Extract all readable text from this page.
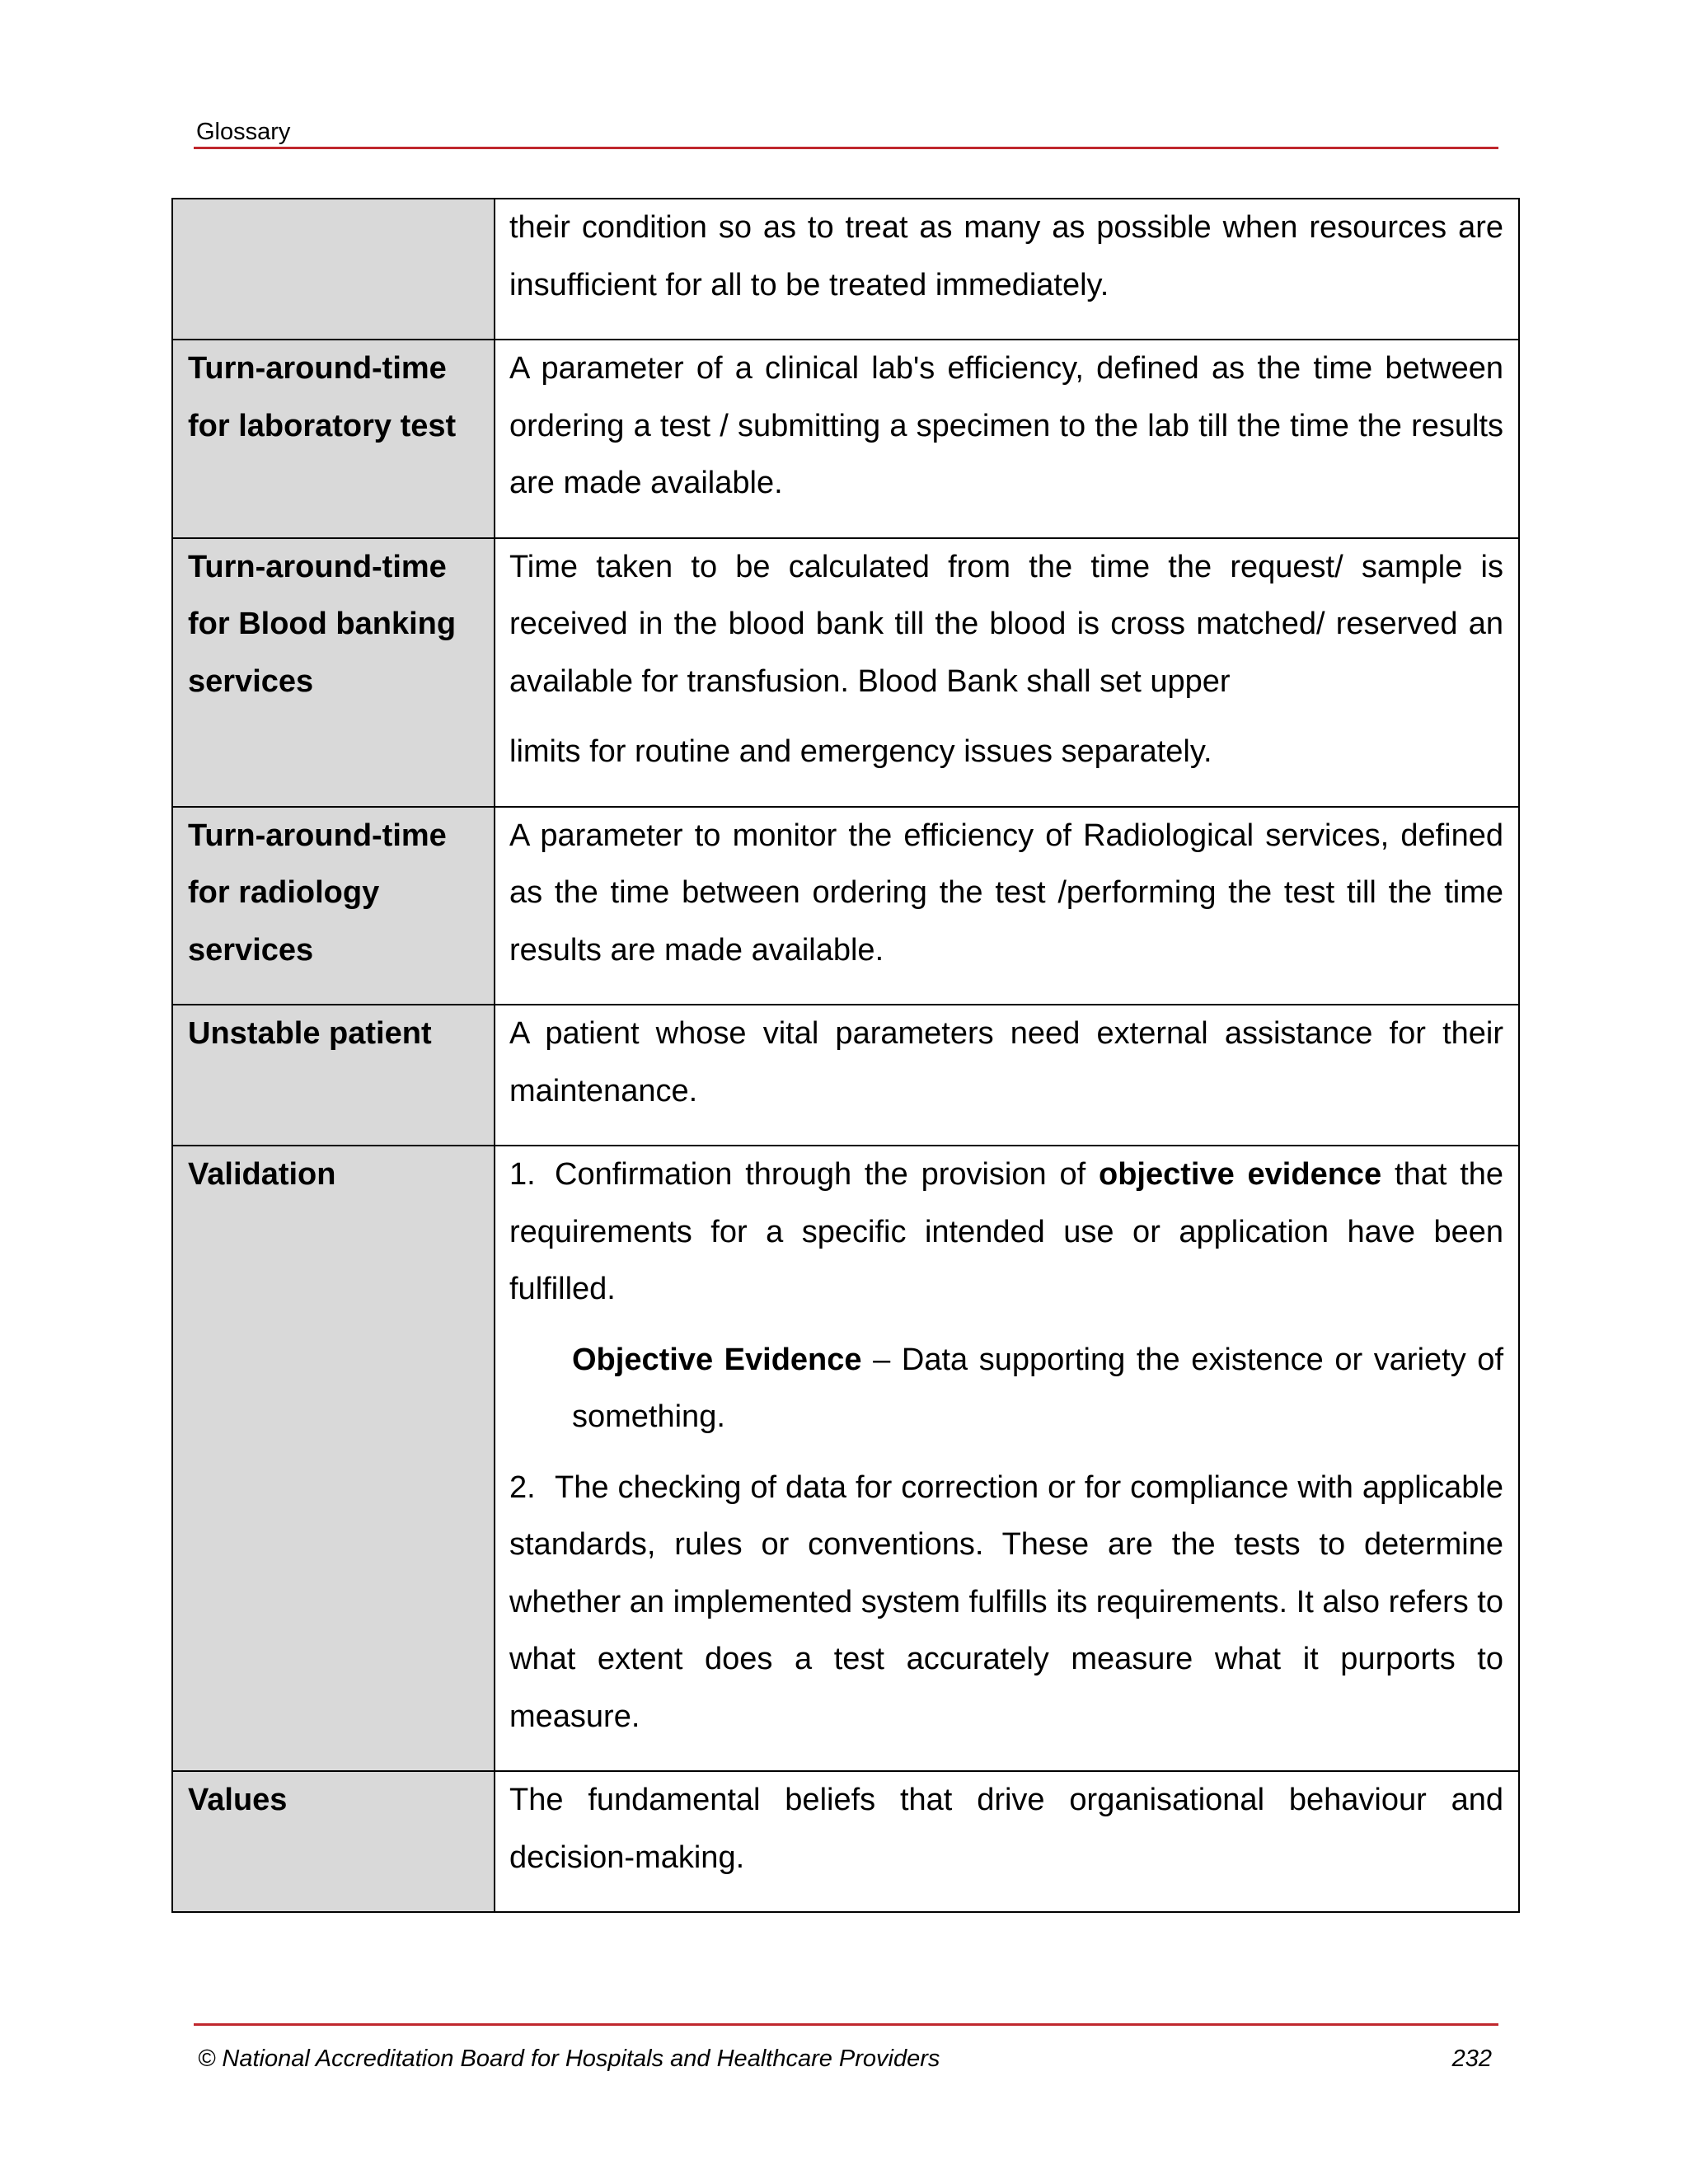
Glossary

	their condition so as to treat as many as possible when resources are insufficient for all to be treated immediately.

Turn-around-time for laboratory test	A parameter of a clinical lab's efficiency, defined as the time between ordering a test / submitting a specimen to the lab till the time the results are made available.

Turn-around-time for Blood banking services	Time taken to be calculated from the time the request/ sample is received in the blood bank till the blood is cross matched/ reserved an available for transfusion. Blood Bank shall set upper

limits for routine and emergency issues separately.

Turn-around-time for radiology services	A parameter to monitor the efficiency of Radiological services, defined as the time between ordering the test /performing the test till the time results are made available.

Unstable patient	A patient whose vital parameters need external assistance for their maintenance.

Validation	1. Confirmation through the provision of objective evidence that the requirements for a specific intended use or application have been fulfilled.

Objective Evidence – Data supporting the existence or variety of something.

2. The checking of data for correction or for compliance with applicable standards, rules or conventions. These are the tests to determine whether an implemented system fulfills its requirements. It also refers to what extent does a test accurately measure what it purports to measure.

Values	The fundamental beliefs that drive organisational behaviour and decision-making.

© National Accreditation Board for Hospitals and Healthcare Providers	232
